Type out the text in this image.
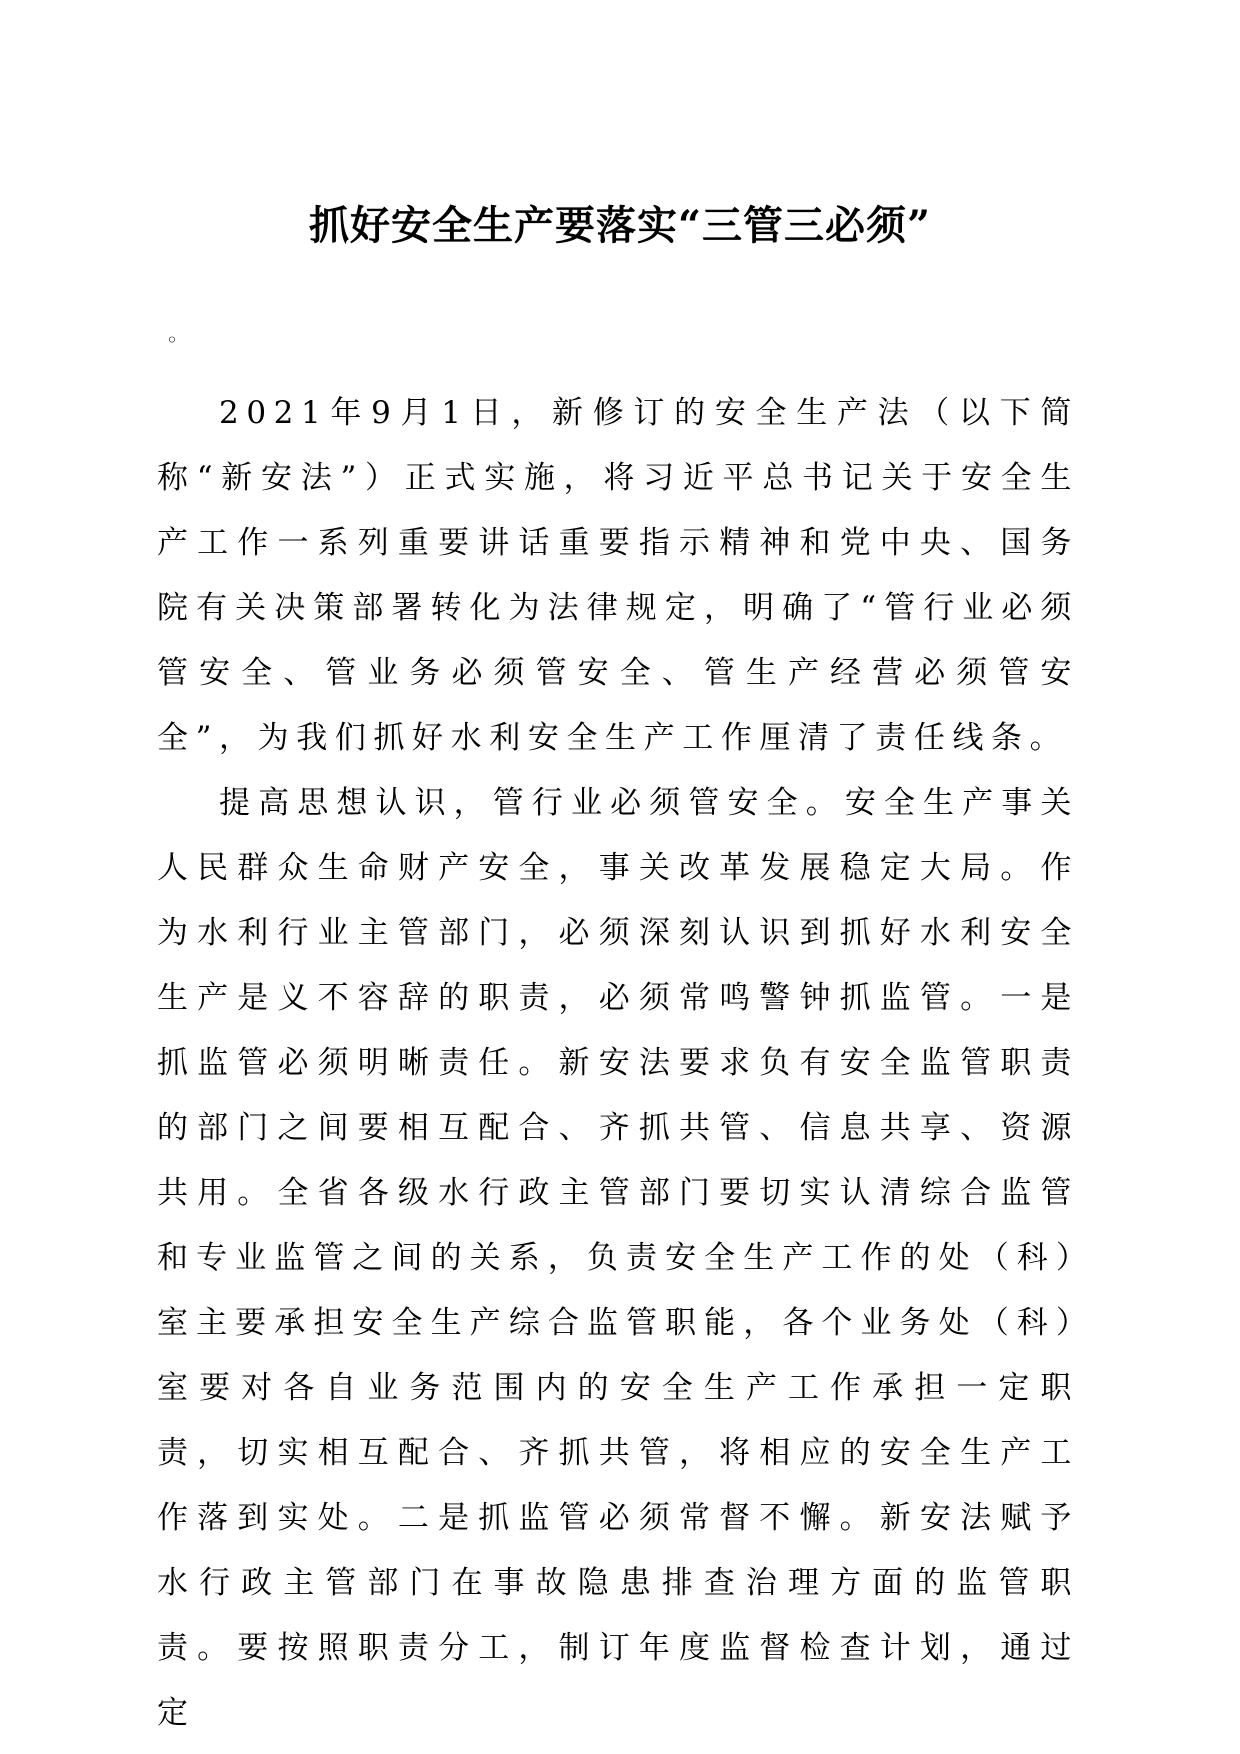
抓好安全生产要落实“三管三必须”
◦

2021年9月1日，新修订的安全生产法（以下简称“新安法”）正式实施，将习近平总书记关于安全生产工作一系列重要讲话重要指示精神和党中央、国务院有关决策部署转化为法律规定，明确了“管行业必须管安全、管业务必须管安全、管生产经营必须管安全”，为我们抓好水利安全生产工作厘清了责任线条。

提高思想认识，管行业必须管安全。安全生产事关人民群众生命财产安全，事关改革发展稳定大局。作为水利行业主管部门，必须深刻认识到抓好水利安全生产是义不容辞的职责，必须常鸣警钟抓监管。一是抓监管必须明晰责任。新安法要求负有安全监管职责的部门之间要相互配合、齐抓共管、信息共享、资源共用。全省各级水行政主管部门要切实认清综合监管和专业监管之间的关系，负责安全生产工作的处（科）室主要承担安全生产综合监管职能，各个业务处（科）室要对各自业务范围内的安全生产工作承担一定职责，切实相互配合、齐抓共管，将相应的安全生产工作落到实处。二是抓监管必须常督不懈。新安法赋予水行政主管部门在事故隐患排查治理方面的监管职责。要按照职责分工，制订年度监督检查计划，通过定
